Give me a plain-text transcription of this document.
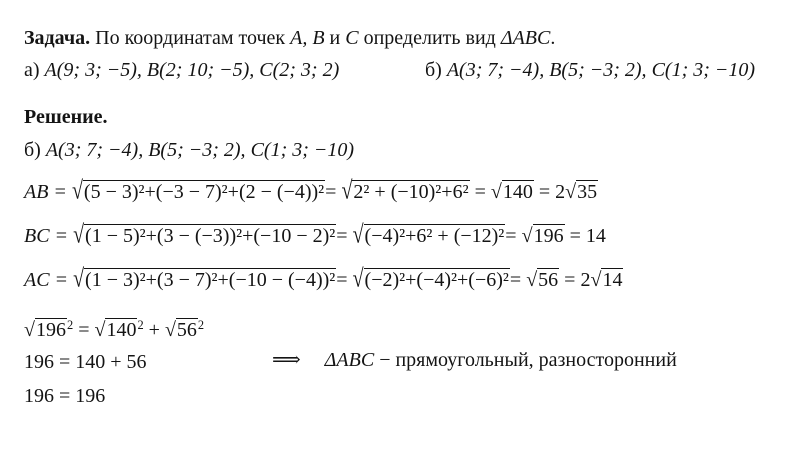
Задача. По координатам точек A, B и C определить вид ΔABC.
а) A(9; 3; −5), B(2; 10; −5), C(2; 3; 2)	б) A(3; 7; −4), B(5; −3; 2), C(1; 3; −10)
Решение.
б) A(3; 7; −4), B(5; −3; 2), C(1; 3; −10)
AB = √(5 − 3)²+(−3 − 7)²+(2 − (−4))²= √2² + (−10)²+6² = √140 = 2√35
BC = √(1 − 5)²+(3 − (−3))²+(−10 − 2)²= √(−4)²+6² + (−12)²= √196 = 14
AC = √(1 − 3)²+(3 − 7)²+(−10 − (−4))²= √(−2)²+(−4)²+(−6)²= √56 = 2√14
$√196^2 = √140^2 + √56^2$
196 = 140 + 56
196 = 196
⟹ ΔABC − прямоугольный, разносторонний
